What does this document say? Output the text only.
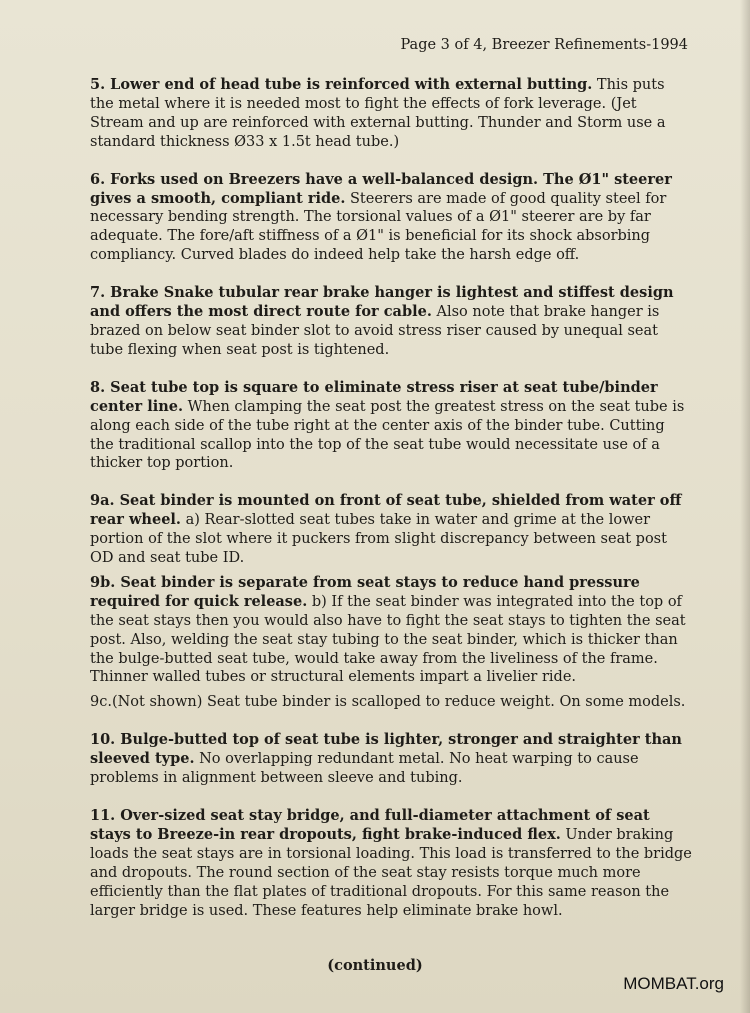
Page 3 of 4, Breezer Refinements-1994

5. Lower end of head tube is reinforced with external butting. This puts the metal where it is needed most to fight the effects of fork leverage. (Jet Stream and up are reinforced with external butting. Thunder and Storm use a standard thickness Ø33 x 1.5t head tube.)

6. Forks used on Breezers have a well-balanced design. The Ø1" steerer gives a smooth, compliant ride. Steerers are made of good quality steel for necessary bending strength. The torsional values of a Ø1" steerer are by far adequate. The fore/aft stiffness of a Ø1" is beneficial for its shock absorbing compliancy. Curved blades do indeed help take the harsh edge off.

7. Brake Snake tubular rear brake hanger is lightest and stiffest design and offers the most direct route for cable. Also note that brake hanger is brazed on below seat binder slot to avoid stress riser caused by unequal seat tube flexing when seat post is tightened.

8. Seat tube top is square to eliminate stress riser at seat tube/binder center line. When clamping the seat post the greatest stress on the seat tube is along each side of the tube right at the center axis of the binder tube. Cutting the traditional scallop into the top of the seat tube would necessitate use of a thicker top portion.

9a. Seat binder is mounted on front of seat tube, shielded from water off rear wheel. a) Rear-slotted seat tubes take in water and grime at the lower portion of the slot where it puckers from slight discrepancy between seat post OD and seat tube ID.

9b. Seat binder is separate from seat stays to reduce hand pressure required for quick release. b) If the seat binder was integrated into the top of the seat stays then you would also have to fight the seat stays to tighten the seat post. Also, welding the seat stay tubing to the seat binder, which is thicker than the bulge-butted seat tube, would take away from the liveliness of the frame. Thinner walled tubes or structural elements impart a livelier ride.

9c.(Not shown) Seat tube binder is scalloped to reduce weight. On some models.

10. Bulge-butted top of seat tube is lighter, stronger and straighter than sleeved type. No overlapping redundant metal. No heat warping to cause problems in alignment between sleeve and tubing.

11. Over-sized seat stay bridge, and full-diameter attachment of seat stays to Breeze-in rear dropouts, fight brake-induced flex. Under braking loads the seat stays are in torsional loading. This load is transferred to the bridge and dropouts. The round section of the seat stay resists torque much more efficiently than the flat plates of traditional dropouts. For this same reason the larger bridge is used. These features help eliminate brake howl.

(continued)
MOMBAT.org
